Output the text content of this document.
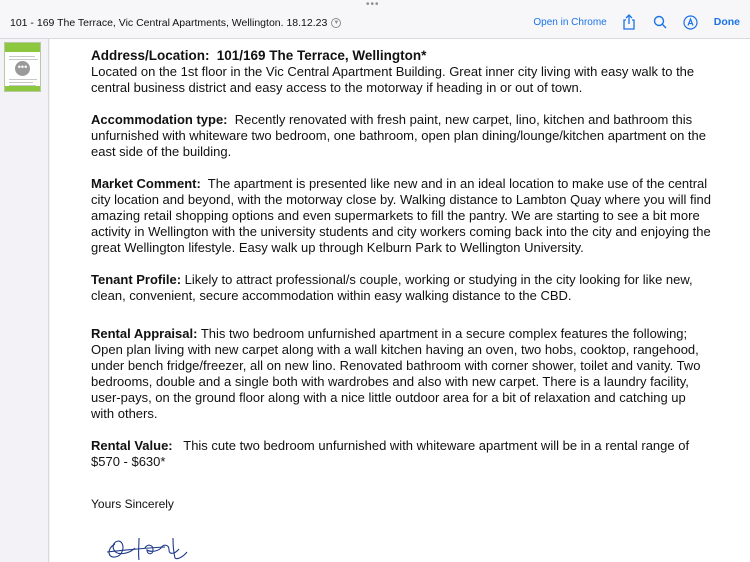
•••
101 - 169 The Terrace, Vic Central Apartments, Wellington. 18.12.23	▼	Open in Chrome	Done
•••

Address/Location: 101/169 The Terrace, Wellington*
Located on the 1st floor in the Vic Central Apartment Building. Great inner city living with easy walk to the central business district and easy access to the motorway if heading in or out of town.

Accommodation type: Recently renovated with fresh paint, new carpet, lino, kitchen and bathroom this unfurnished with whiteware two bedroom, one bathroom, open plan dining/lounge/kitchen apartment on the east side of the building.

Market Comment: The apartment is presented like new and in an ideal location to make use of the central city location and beyond, with the motorway close by. Walking distance to Lambton Quay where you will find amazing retail shopping options and even supermarkets to fill the pantry. We are starting to see a bit more activity in Wellington with the university students and city workers coming back into the city and enjoying the great Wellington lifestyle. Easy walk up through Kelburn Park to Wellington University.

Tenant Profile: Likely to attract professional/s couple, working or studying in the city looking for like new, clean, convenient, secure accommodation within easy walking distance to the CBD.

Rental Appraisal: This two bedroom unfurnished apartment in a secure complex features the following; Open plan living with new carpet along with a wall kitchen having an oven, two hobs, cooktop, rangehood, under bench fridge/freezer, all on new lino. Renovated bathroom with corner shower, toilet and vanity. Two bedrooms, double and a single both with wardrobes and also with new carpet. There is a laundry facility, user-pays, on the ground floor along with a nice little outdoor area for a bit of relaxation and catching up with others.

Rental Value: This cute two bedroom unfurnished with whiteware apartment will be in a rental range of $570 - $630*

Yours Sincerely
